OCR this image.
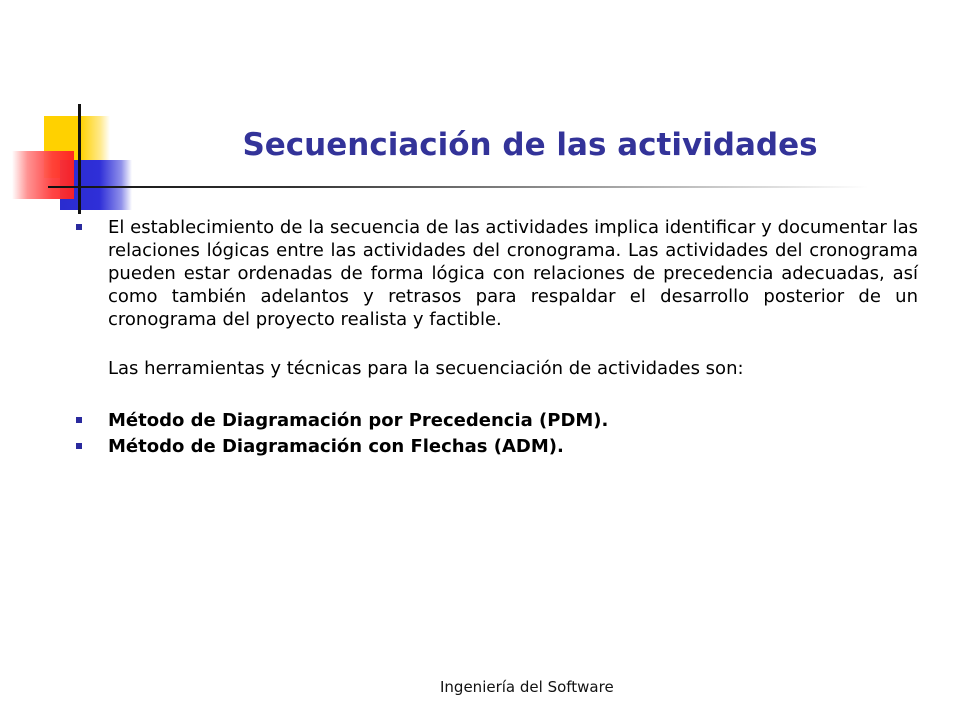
Secuenciación de las actividades
El establecimiento de la secuencia de las actividades implica identificar y documentar las relaciones lógicas entre las actividades del cronograma. Las actividades del cronograma pueden estar ordenadas de forma lógica con relaciones de precedencia adecuadas, así como también adelantos y retrasos para respaldar el desarrollo posterior de un cronograma del proyecto realista y factible.
Las herramientas y técnicas para la secuenciación de actividades son:
Método de Diagramación por Precedencia (PDM).
Método de Diagramación con Flechas (ADM).
Ingeniería del Software
